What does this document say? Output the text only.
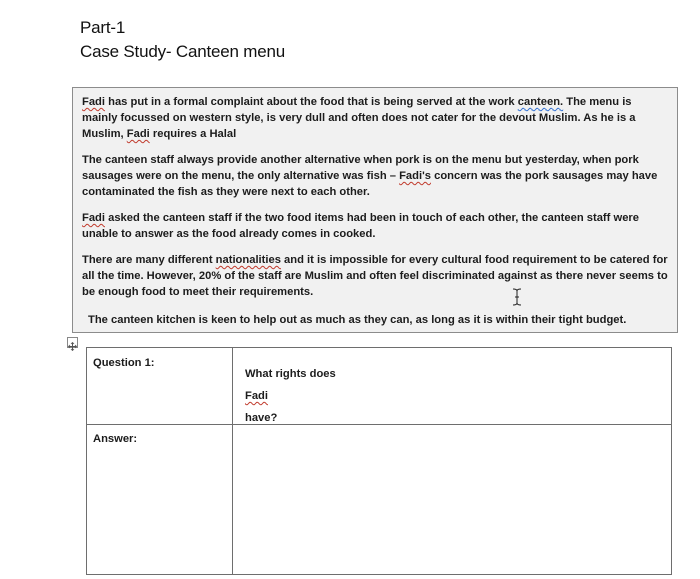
Part-1
Case Study- Canteen menu

Fadi has put in a formal complaint about the food that is being served at the work canteen. The menu is mainly focussed on western style, is very dull and often does not cater for the devout Muslim. As he is a Muslim, Fadi requires a Halal

The canteen staff always provide another alternative when pork is on the menu but yesterday, when pork sausages were on the menu, the only alternative was fish – Fadi's concern was the pork sausages may have contaminated the fish as they were next to each other.

Fadi asked the canteen staff if the two food items had been in touch of each other, the canteen staff were unable to answer as the food already comes in cooked.

There are many different nationalities and it is impossible for every cultural food requirement to be catered for all the time. However, 20% of the staff are Muslim and often feel discriminated against as there never seems to be enough food to meet their requirements.

The canteen kitchen is keen to help out as much as they can, as long as it is within their tight budget.

Question 1:	What rights does
Fadi
have?

Answer:	
